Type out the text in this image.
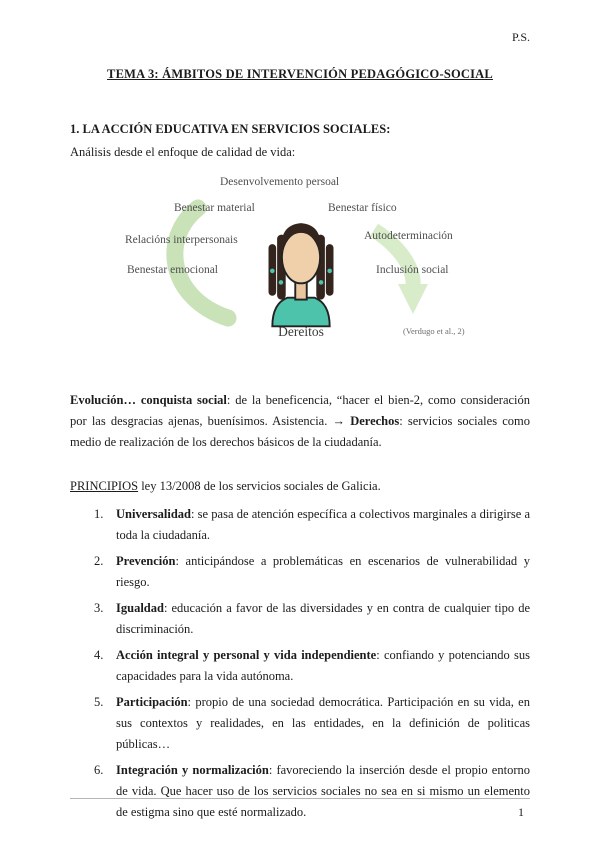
P.S.
TEMA 3: ÁMBITOS DE INTERVENCIÓN PEDAGÓGICO-SOCIAL
1. LA ACCIÓN EDUCATIVA EN SERVICIOS SOCIALES:
Análisis desde el enfoque de calidad de vida:
Desenvolvemento persoal
Benestar material	Benestar físico
Relacións interpersonais	Autodeterminación
Benestar emocional	Inclusión social
Dereitos	(Verdugo et al., 2)

Evolución… conquista social: de la beneficencia, “hacer el bien-2, como consideración por las desgracias ajenas, buenísimos. Asistencia. → Derechos: servicios sociales como medio de realización de los derechos básicos de la ciudadanía.

PRINCIPIOS ley 13/2008 de los servicios sociales de Galicia.
1.	Universalidad: se pasa de atención específica a colectivos marginales a dirigirse a toda la ciudadanía.
2.	Prevención: anticipándose a problemáticas en escenarios de vulnerabilidad y riesgo.
3.	Igualdad: educación a favor de las diversidades y en contra de cualquier tipo de discriminación.
4.	Acción integral y personal y vida independiente: confiando y potenciando sus capacidades para la vida autónoma.
5.	Participación: propio de una sociedad democrática. Participación en su vida, en sus contextos y realidades, en las entidades, en la definición de politicas públicas…
6.	Integración y normalización: favoreciendo la inserción desde el propio entorno de vida. Que hacer uso de los servicios sociales no sea en si mismo un elemento de estigma sino que esté normalizado.	1
